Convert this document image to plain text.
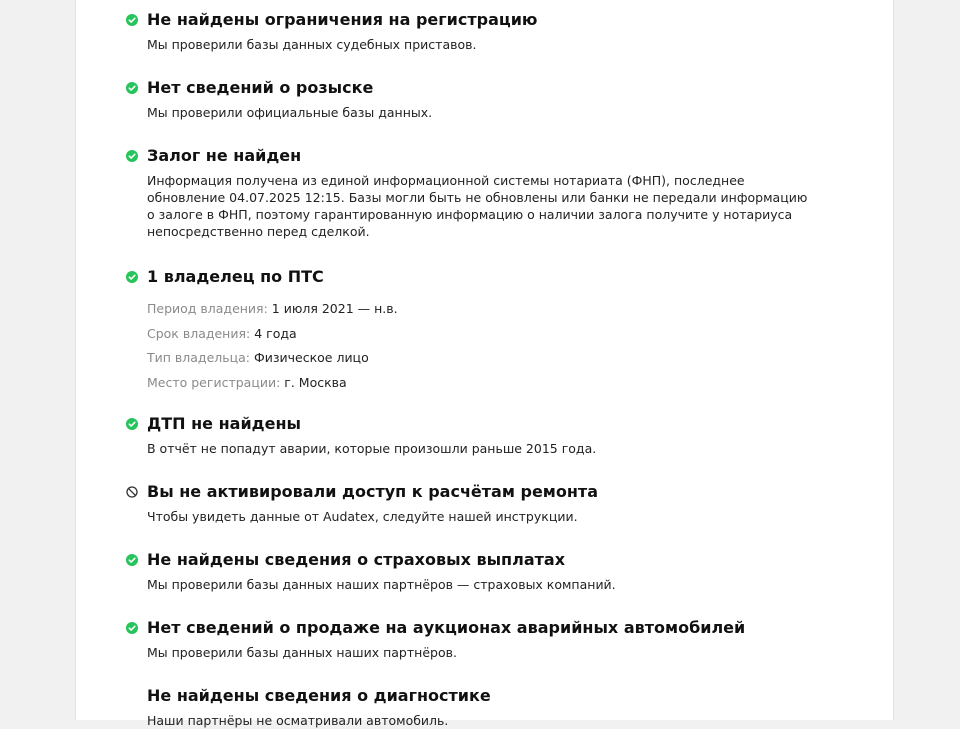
Не найдены ограничения на регистрацию
Мы проверили базы данных судебных приставов.
Нет сведений о розыске
Мы проверили официальные базы данных.
Залог не найден
Информация получена из единой информационной системы нотариата (ФНП), последнее обновление 04.07.2025 12:15. Базы могли быть не обновлены или банки не передали информацию о залоге в ФНП, поэтому гарантированную информацию о наличии залога получите у нотариуса непосредственно перед сделкой.
1 владелец по ПТС
Период владения: 1 июля 2021 — н.в.
Срок владения: 4 года
Тип владельца: Физическое лицо
Место регистрации: г. Москва
ДТП не найдены
В отчёт не попадут аварии, которые произошли раньше 2015 года.
Вы не активировали доступ к расчётам ремонта
Чтобы увидеть данные от Audatex, следуйте нашей инструкции.
Не найдены сведения о страховых выплатах
Мы проверили базы данных наших партнёров — страховых компаний.
Нет сведений о продаже на аукционах аварийных автомобилей
Мы проверили базы данных наших партнёров.
Не найдены сведения о диагностике
Наши партнёры не осматривали автомобиль.
